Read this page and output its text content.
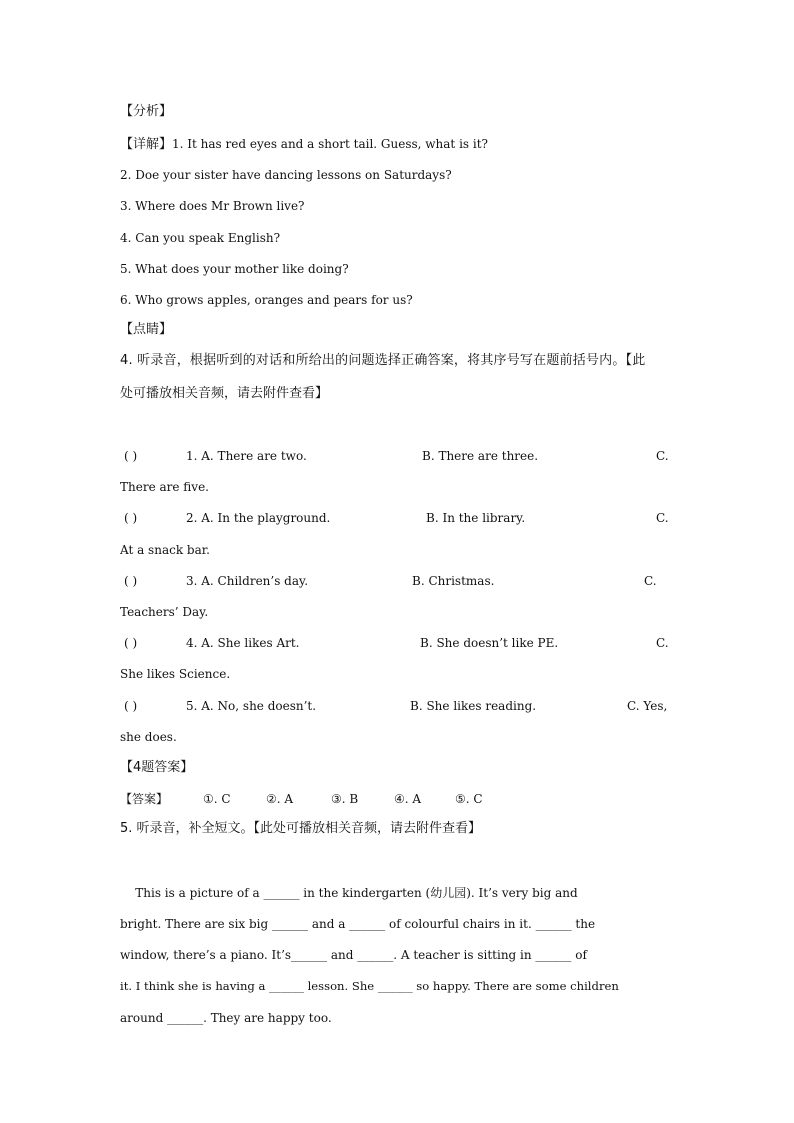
【分析】
【详解】1. It has red eyes and a short tail. Guess, what is it?
2. Doe your sister have dancing lessons on Saturdays?
3. Where does Mr Brown live?
4. Can you speak English?
5. What does your mother like doing?
6. Who grows apples, oranges and pears for us?
【点睛】
4. 听录音，根据听到的对话和所给出的问题选择正确答案，将其序号写在题前括号内。【此
处可播放相关音频，请去附件查看】
( )	1. A. There are two.	B. There are three.	C.
There are five.
( )	2. A. In the playground.	B. In the library.	C.
At a snack bar.
( )	3. A. Children’s day.	B. Christmas.	C.
Teachers’ Day.
( )	4. A. She likes Art.	B. She doesn’t like PE.	C.
She likes Science.
( )	5. A. No, she doesn’t.	B. She likes reading.	C. Yes,
she does.
【4题答案】
【答案】	①. C	②. A	③. B	④. A	⑤. C
5. 听录音，补全短文。【此处可播放相关音频，请去附件查看】
This is a picture of a ______ in the kindergarten (幼儿园). It’s very big and
bright. There are six big ______ and a ______ of colourful chairs in it. ______ the
window, there’s a piano. It’s______ and ______. A teacher is sitting in ______ of
it. I think she is having a ______ lesson. She ______ so happy. There are some children
around ______. They are happy too.
